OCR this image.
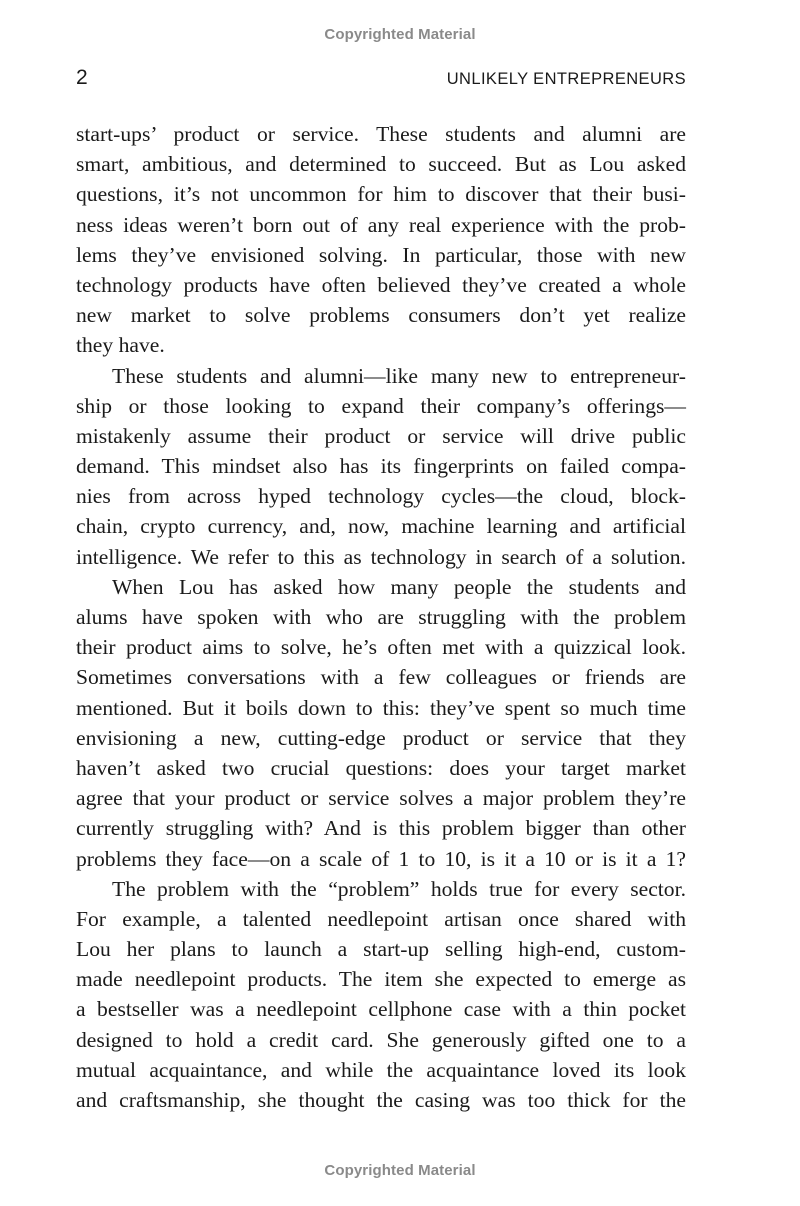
Copyrighted Material
2	UNLIKELY ENTREPRENEURS
start-ups’ product or service. These students and alumni are
smart, ambitious, and determined to succeed. But as Lou asked
questions, it’s not uncommon for him to discover that their busi-
ness ideas weren’t born out of any real experience with the prob-
lems they’ve envisioned solving. In particular, those with new
technology products have often believed they’ve created a whole
new market to solve problems consumers don’t yet realize
they have.
These students and alumni—like many new to entrepreneur-
ship or those looking to expand their company’s offerings—
mistakenly assume their product or service will drive public
demand. This mindset also has its fingerprints on failed compa-
nies from across hyped technology cycles—the cloud, block-
chain, crypto currency, and, now, machine learning and artificial
intelligence. We refer to this as technology in search of a solution.
When Lou has asked how many people the students and
alums have spoken with who are struggling with the problem
their product aims to solve, he’s often met with a quizzical look.
Sometimes conversations with a few colleagues or friends are
mentioned. But it boils down to this: they’ve spent so much time
envisioning a new, cutting-edge product or service that they
haven’t asked two crucial questions: does your target market
agree that your product or service solves a major problem they’re
currently struggling with? And is this problem bigger than other
problems they face—on a scale of 1 to 10, is it a 10 or is it a 1?
The problem with the “problem” holds true for every sector.
For example, a talented needlepoint artisan once shared with
Lou her plans to launch a start-up selling high-end, custom-
made needlepoint products. The item she expected to emerge as
a bestseller was a needlepoint cellphone case with a thin pocket
designed to hold a credit card. She generously gifted one to a
mutual acquaintance, and while the acquaintance loved its look
and craftsmanship, she thought the casing was too thick for the
Copyrighted Material
